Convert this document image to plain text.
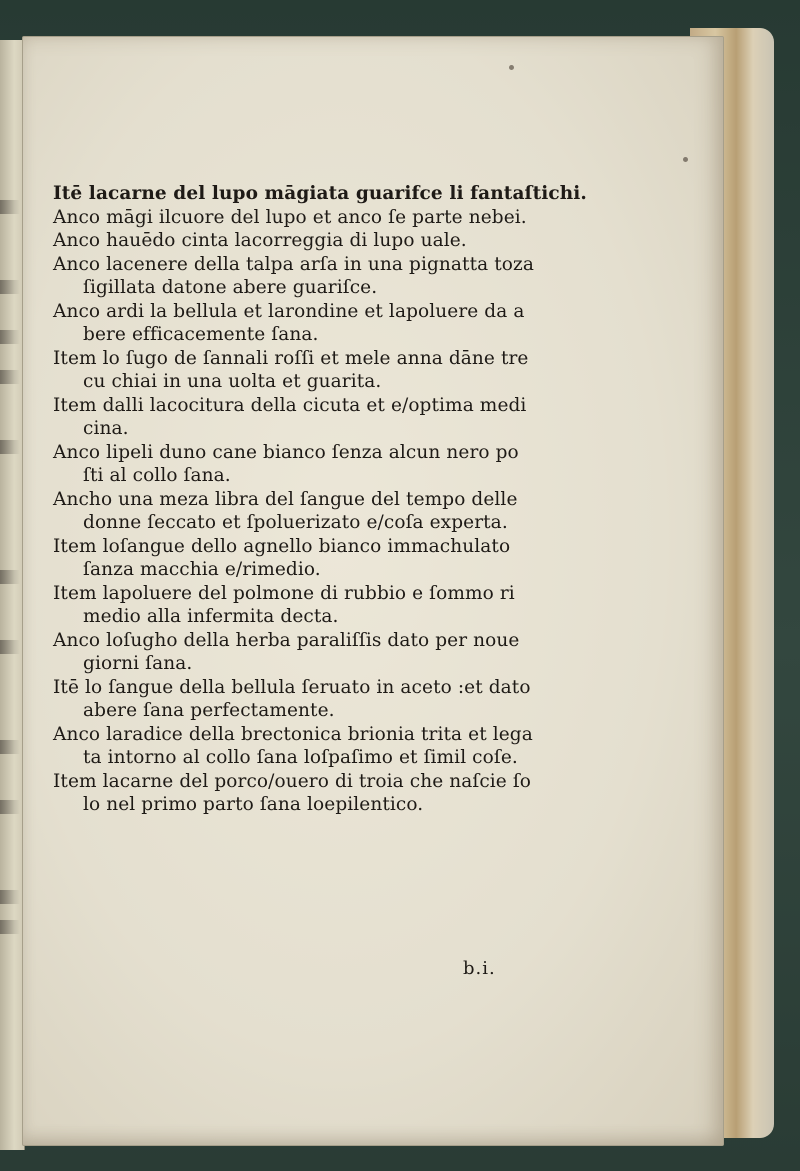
Itē lacarne del lupo māgiata guarifce li fantaſtichi.
Anco māgi ilcuore del lupo et anco ſe parte nebei.
Anco hauēdo cinta lacorreggia di lupo uale.
Anco lacenere della talpa arſa in una pignatta toza
ſigillata datone abere guariſce.
Anco ardi la bellula et larondine et lapoluere da a
bere efficacemente ſana.
Item lo ſugo de ſannali roſſi et mele anna dāne tre
cu chiai in una uolta et guarita.
Item dalli lacocitura della cicuta et e/optima medi
cina.
Anco lipeli duno cane bianco ſenza alcun nero po
ſti al collo ſana.
Ancho una meza libra del ſangue del tempo delle
donne ſeccato et ſpoluerizato e/coſa experta.
Item loſangue dello agnello bianco immachulato
ſanza macchia e/rimedio.
Item lapoluere del polmone di rubbio e ſommo ri
medio alla infermita decta.
Anco loſugho della herba paraliſſis dato per noue
giorni ſana.
Itē lo ſangue della bellula ſeruato in aceto :et dato
abere ſana perfectamente.
Anco laradice della brectonica brionia trita et lega
ta intorno al collo ſana loſpaſimo et ſimil coſe.
Item lacarne del porco/ouero di troia che naſcie ſo
lo nel primo parto ſana loepilentico.
b.i.
